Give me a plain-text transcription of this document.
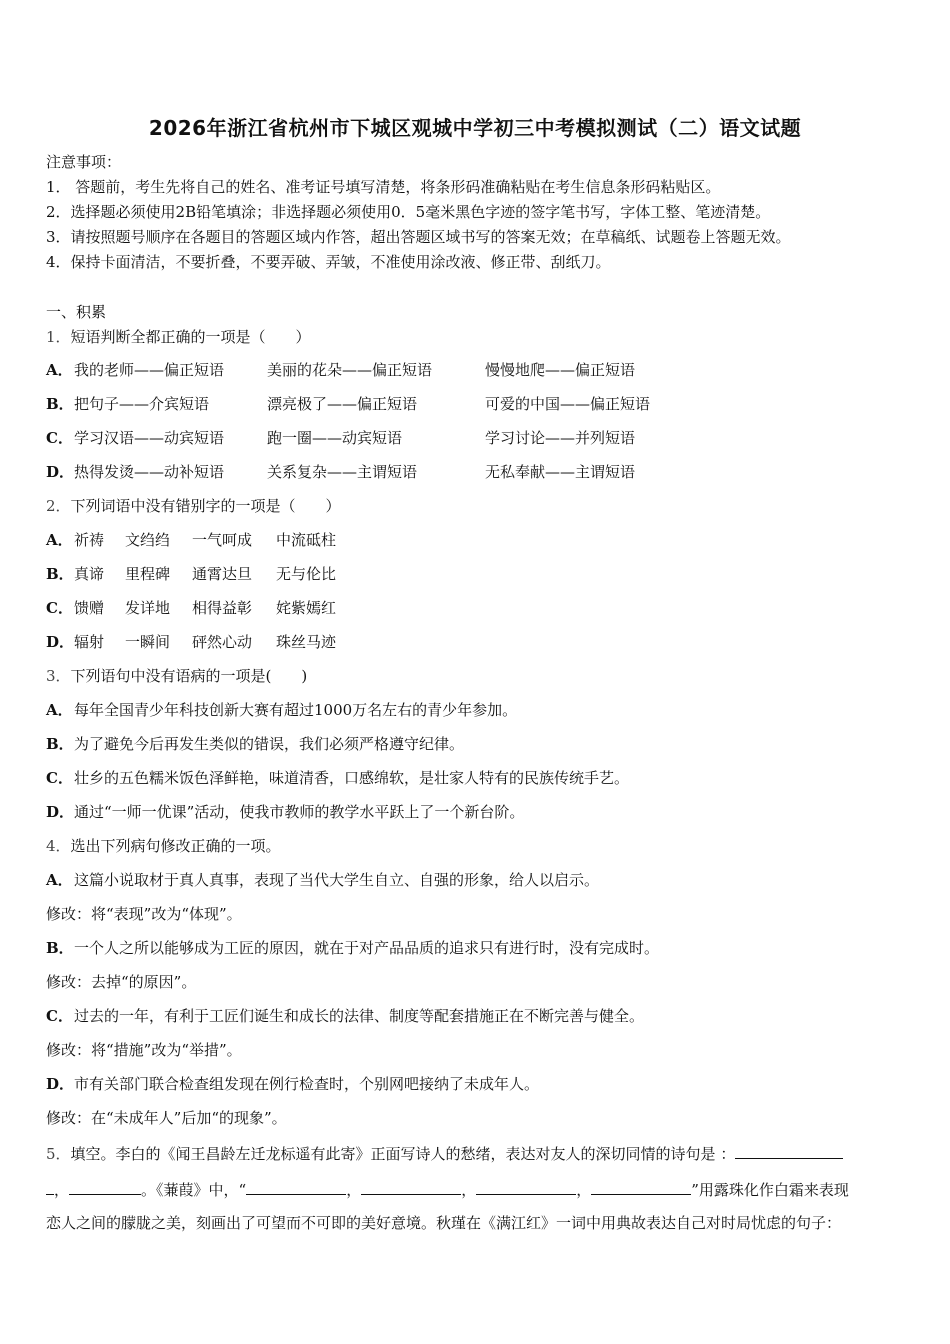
2026年浙江省杭州市下城区观城中学初三中考模拟测试（二）语文试题
注意事项：
1． 答题前，考生先将自己的姓名、准考证号填写清楚，将条形码准确粘贴在考生信息条形码粘贴区。
2．选择题必须使用2B铅笔填涂；非选择题必须使用0．5毫米黑色字迹的签字笔书写，字体工整、笔迹清楚。
3．请按照题号顺序在各题目的答题区域内作答，超出答题区域书写的答案无效；在草稿纸、试题卷上答题无效。
4．保持卡面清洁，不要折叠，不要弄破、弄皱，不准使用涂改液、修正带、刮纸刀。
一、积累
1．短语判断全都正确的一项是（　　）
A． 我的老师——偏正短语	美丽的花朵——偏正短语	慢慢地爬——偏正短语
B． 把句子——介宾短语	漂亮极了——偏正短语	可爱的中国——偏正短语
C． 学习汉语——动宾短语	跑一圈——动宾短语	学习讨论——并列短语
D． 热得发烫——动补短语	关系复杂——主谓短语	无私奉献——主谓短语
2．下列词语中没有错别字的一项是（　　）
A． 祈祷 文绉绉 一气呵成 中流砥柱
B． 真谛 里程碑 通霄达旦 无与伦比
C． 馈赠 发详地 相得益彰 姹紫嫣红
D． 辐射 一瞬间 砰然心动 珠丝马迹
3．下列语句中没有语病的一项是(　　)
A．每年全国青少年科技创新大赛有超过1000万名左右的青少年参加。
B．为了避免今后再发生类似的错误，我们必须严格遵守纪律。
C．壮乡的五色糯米饭色泽鲜艳，味道清香，口感绵软，是壮家人特有的民族传统手艺。
D．通过“一师一优课”活动，使我市教师的教学水平跃上了一个新台阶。
4．选出下列病句修改正确的一项。
A．这篇小说取材于真人真事，表现了当代大学生自立、自强的形象，给人以启示。
修改：将“表现”改为“体现”。
B．一个人之所以能够成为工匠的原因，就在于对产品品质的追求只有进行时，没有完成时。
修改：去掉“的原因”。
C．过去的一年，有利于工匠们诞生和成长的法律、制度等配套措施正在不断完善与健全。
修改：将“措施”改为“举措”。
D．市有关部门联合检查组发现在例行检查时，个别网吧接纳了未成年人。
修改：在“未成年人”后加“的现象”。
5．填空。李白的《闻王昌龄左迁龙标遥有此寄》正面写诗人的愁绪，表达对友人的深切同情的诗句是 ：
，	。《蒹葭》中，“	，	，	，	”用露珠化作白霜来表现
恋人之间的朦胧之美，刻画出了可望而不可即的美好意境。秋瑾在《满江红》一词中用典故表达自己对时局忧虑的句子：
